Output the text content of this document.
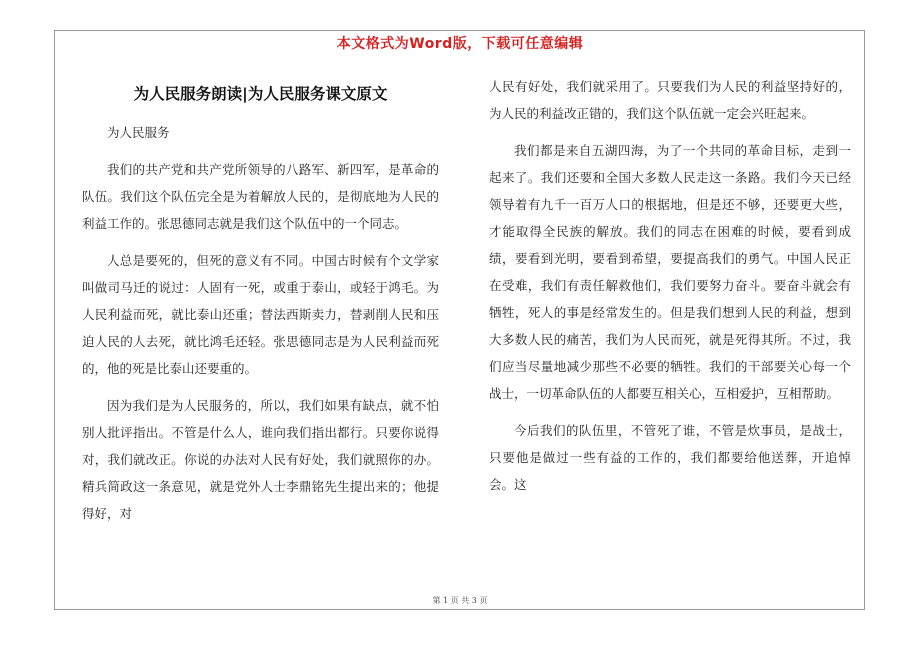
本文格式为Word版，下载可任意编辑
为人民服务朗读|为人民服务课文原文

为人民服务

我们的共产党和共产党所领导的八路军、新四军，是革命的队伍。我们这个队伍完全是为着解放人民的，是彻底地为人民的利益工作的。张思德同志就是我们这个队伍中的一个同志。

人总是要死的，但死的意义有不同。中国古时候有个文学家叫做司马迁的说过：人固有一死，或重于泰山，或轻于鸿毛。为人民利益而死，就比泰山还重；替法西斯卖力，替剥削人民和压迫人民的人去死，就比鸿毛还轻。张思德同志是为人民利益而死的，他的死是比泰山还要重的。

因为我们是为人民服务的，所以，我们如果有缺点，就不怕别人批评指出。不管是什么人，谁向我们指出都行。只要你说得对，我们就改正。你说的办法对人民有好处，我们就照你的办。精兵简政这一条意见，就是党外人士李鼎铭先生提出来的；他提得好，对

人民有好处，我们就采用了。只要我们为人民的利益坚持好的，为人民的利益改正错的，我们这个队伍就一定会兴旺起来。

我们都是来自五湖四海，为了一个共同的革命目标，走到一起来了。我们还要和全国大多数人民走这一条路。我们今天已经领导着有九千一百万人口的根据地，但是还不够，还要更大些，才能取得全民族的解放。我们的同志在困难的时候，要看到成绩，要看到光明，要看到希望，要提高我们的勇气。中国人民正在受难，我们有责任解救他们，我们要努力奋斗。要奋斗就会有牺牲，死人的事是经常发生的。但是我们想到人民的利益，想到大多数人民的痛苦，我们为人民而死，就是死得其所。不过，我们应当尽量地减少那些不必要的牺牲。我们的干部要关心每一个战士，一切革命队伍的人都要互相关心，互相爱护，互相帮助。

今后我们的队伍里，不管死了谁，不管是炊事员，是战士，只要他是做过一些有益的工作的，我们都要给他送葬，开追悼会。这

第 1 页 共 3 页
